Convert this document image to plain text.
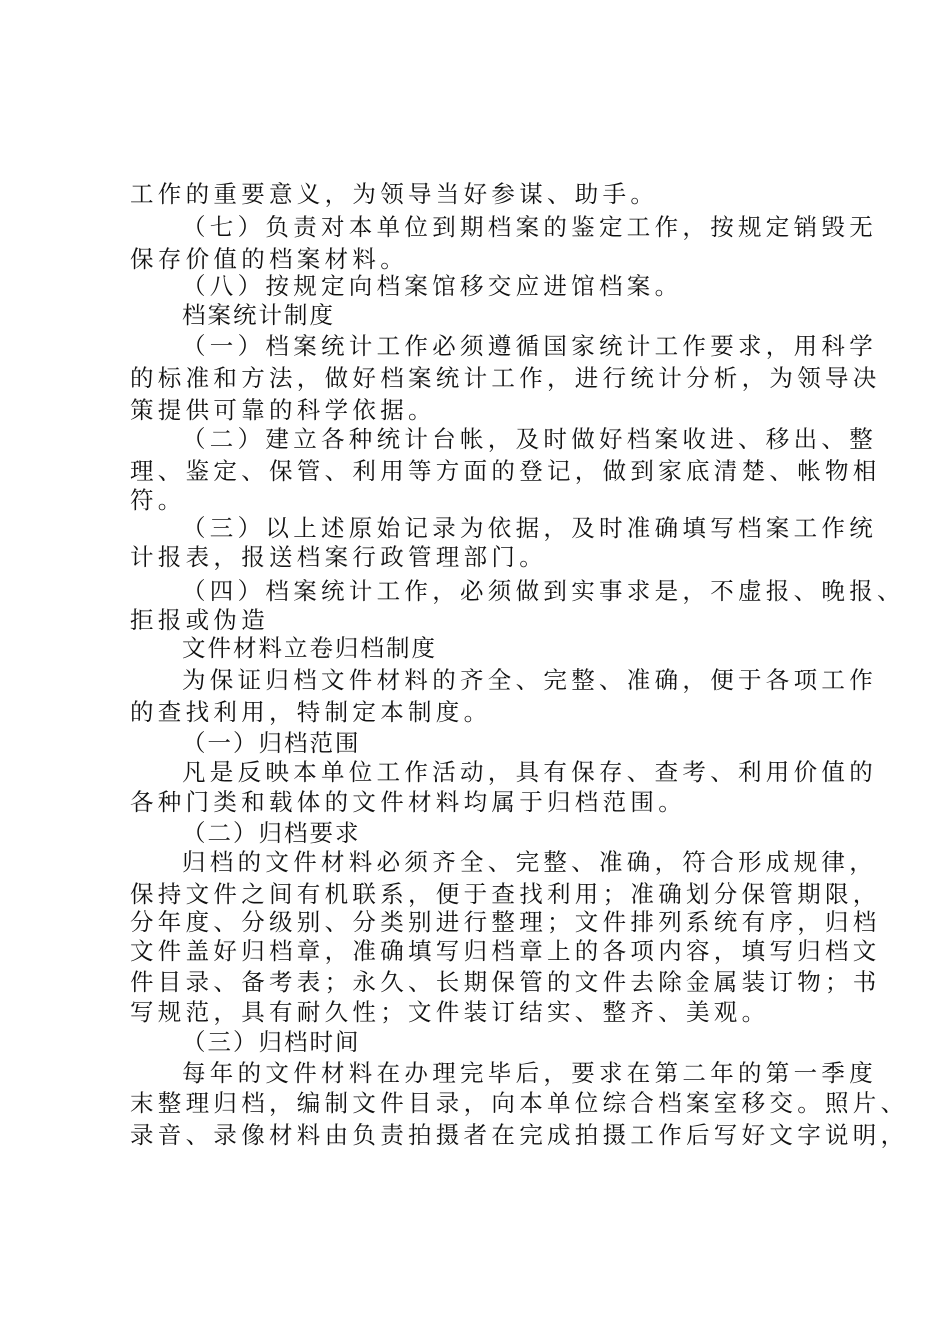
工作的重要意义，为领导当好参谋、助手。
（七）负责对本单位到期档案的鉴定工作，按规定销毁无
保存价值的档案材料。
（八）按规定向档案馆移交应进馆档案。
档案统计制度
（一）档案统计工作必须遵循国家统计工作要求，用科学
的标准和方法，做好档案统计工作，进行统计分析，为领导决
策提供可靠的科学依据。
（二）建立各种统计台帐，及时做好档案收进、移出、整
理、鉴定、保管、利用等方面的登记，做到家底清楚、帐物相
符。
（三）以上述原始记录为依据，及时准确填写档案工作统
计报表，报送档案行政管理部门。
（四）档案统计工作，必须做到实事求是，不虚报、晚报、
拒报或伪造
文件材料立卷归档制度
为保证归档文件材料的齐全、完整、准确，便于各项工作
的查找利用，特制定本制度。
（一）归档范围
凡是反映本单位工作活动，具有保存、查考、利用价值的
各种门类和载体的文件材料均属于归档范围。
（二）归档要求
归档的文件材料必须齐全、完整、准确，符合形成规律，
保持文件之间有机联系，便于查找利用；准确划分保管期限，
分年度、分级别、分类别进行整理；文件排列系统有序，归档
文件盖好归档章，准确填写归档章上的各项内容，填写归档文
件目录、备考表；永久、长期保管的文件去除金属装订物；书
写规范，具有耐久性；文件装订结实、整齐、美观。
（三）归档时间
每年的文件材料在办理完毕后，要求在第二年的第一季度
末整理归档，编制文件目录，向本单位综合档案室移交。照片、
录音、录像材料由负责拍摄者在完成拍摄工作后写好文字说明，
